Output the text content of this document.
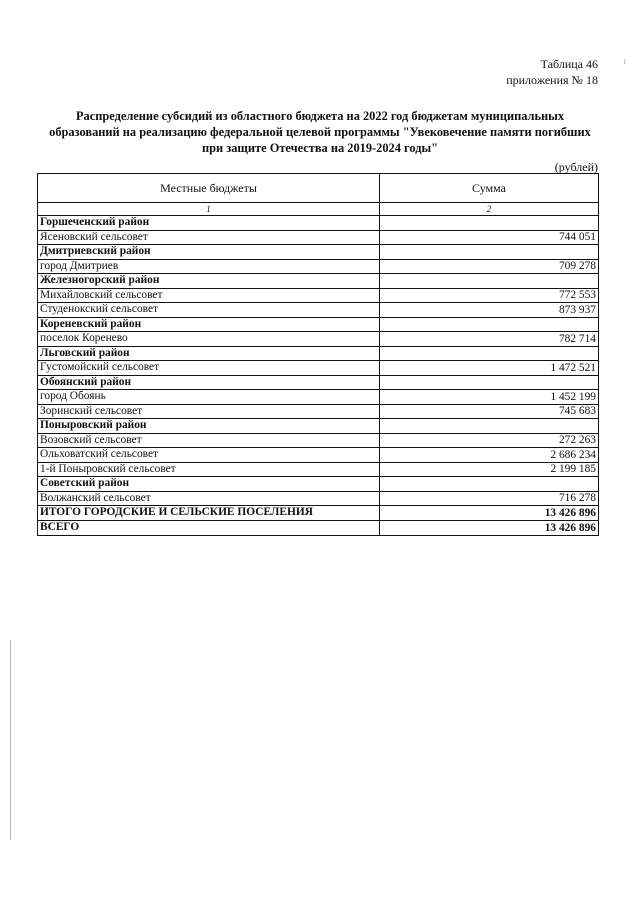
Таблица 46
приложения № 18
ι
Распределение субсидий из областного бюджета на 2022 год бюджетам муниципальных
образований на реализацию федеральной целевой программы "Увековечение памяти погибших
при защите Отечества на 2019-2024 годы"
(рублей)
Местные бюджеты	Сумма
1	2
Горшеченский район	
Ясеновский сельсовет	744 051
Дмитриевский район	
город Дмитриев	709 278
Железногорский район	
Михайловский сельсовет	772 553
Студенокский сельсовет	873 937
Кореневский район	
поселок Коренево	782 714
Льговский район	
Густомойский сельсовет	1 472 521
Обоянский район	
город Обоянь	1 452 199
Зоринский сельсовет	745 683
Поныровский район	
Возовский сельсовет	272 263
Ольховатский сельсовет	2 686 234
1-й Поныровский сельсовет	2 199 185
Советский район	
Волжанский сельсовет	716 278
ИТОГО ГОРОДСКИЕ И СЕЛЬСКИЕ ПОСЕЛЕНИЯ	13 426 896
ВСЕГО	13 426 896
